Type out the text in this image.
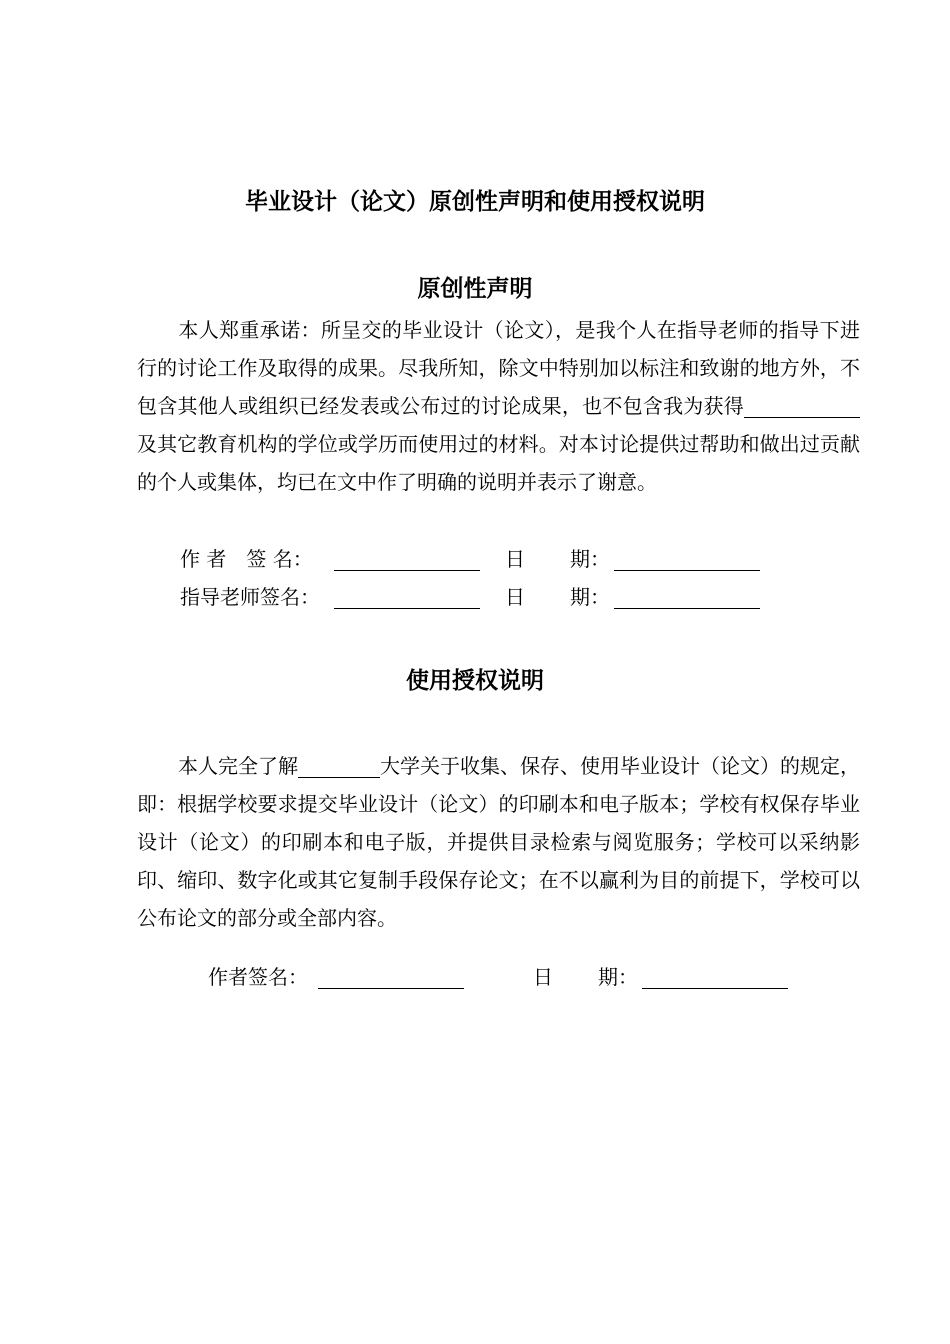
毕业设计（论文）原创性声明和使用授权说明
原创性声明

本人郑重承诺：所呈交的毕业设计（论文），是我个人在指导老师的指导下进行的讨论工作及取得的成果。尽我所知，除文中特别加以标注和致谢的地方外，不包含其他人或组织已经发表或公布过的讨论成果，也不包含我为获得及其它教育机构的学位或学历而使用过的材料。对本讨论提供过帮助和做出过贡献的个人或集体，均已在文中作了明确的说明并表示了谢意。

作 者　签 名：	日 期：
指导老师签名：	日 期：
使用授权说明

本人完全了解	大学关于收集、保存、使用毕业设计（论文）的规定，即：根据学校要求提交毕业设计（论文）的印刷本和电子版本；学校有权保存毕业设计（论文）的印刷本和电子版，并提供目录检索与阅览服务；学校可以采纳影印、缩印、数字化或其它复制手段保存论文；在不以赢利为目的前提下，学校可以公布论文的部分或全部内容。

作者签名：	日 期：
